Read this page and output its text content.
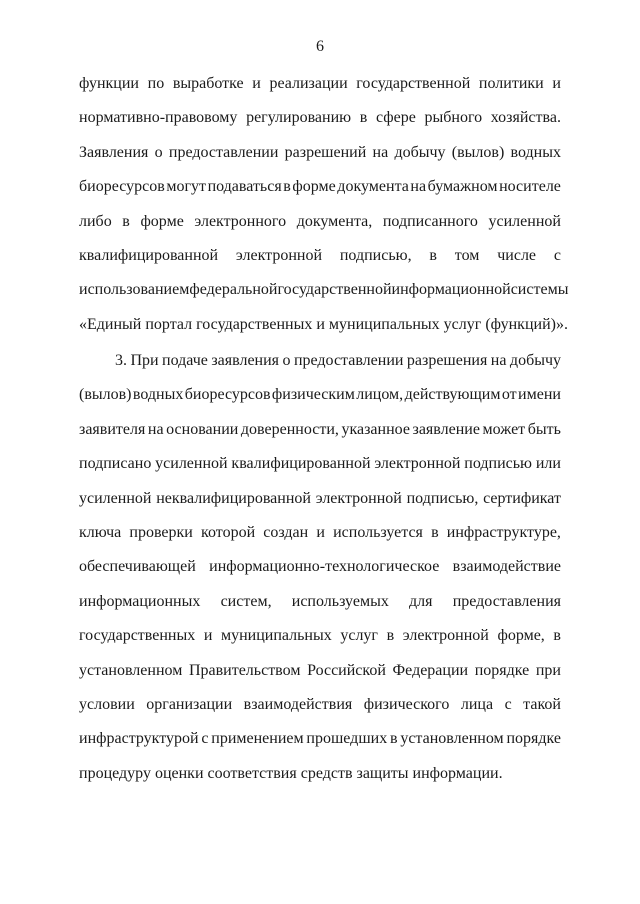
6
функции по выработке и реализации государственной политики и
нормативно-правовому регулированию в сфере рыбного хозяйства.
Заявления о предоставлении разрешений на добычу (вылов) водных
биоресурсов могут подаваться в форме документа на бумажном носителе
либо в форме электронного документа, подписанного усиленной
квалифицированной электронной подписью, в том числе с
использованием федеральной государственной информационной системы
«Единый портал государственных и муниципальных услуг (функций)».
3. При подаче заявления о предоставлении разрешения на добычу
(вылов) водных биоресурсов физическим лицом, действующим от имени
заявителя на основании доверенности, указанное заявление может быть
подписано усиленной квалифицированной электронной подписью или
усиленной неквалифицированной электронной подписью, сертификат
ключа проверки которой создан и используется в инфраструктуре,
обеспечивающей информационно-технологическое взаимодействие
информационных систем, используемых для предоставления
государственных и муниципальных услуг в электронной форме, в
установленном Правительством Российской Федерации порядке при
условии организации взаимодействия физического лица с такой
инфраструктурой с применением прошедших в установленном порядке
процедуру оценки соответствия средств защиты информации.
